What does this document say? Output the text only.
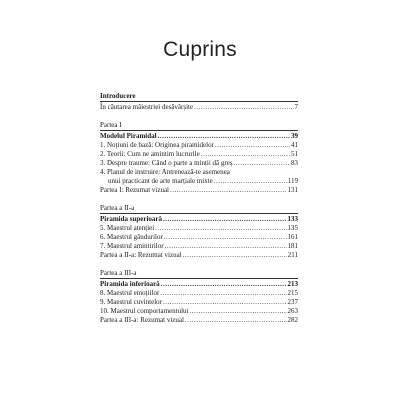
Cuprins
Introducere
În căutarea măiestriei desăvârșite .....	7
Partea I
Modelul Piramidal .....	39
1. Noțiuni de bază: Originea piramidelor .....	41
2. Teorii: Cum ne amintim lucrurile .....	51
3. Despre traume: Când o parte a minții dă greș .....	83
4. Planul de instruire: Antrenează-te asemenea
unui practicant de arte marțiale mixte .....	119
Partea I: Rezumat vizual .....	131
Partea a II-a
Piramida superioară .....	133
5. Maestrul atenției .....	135
6. Maestrul gândurilor .....	161
7. Maestrul amintirilor .....	181
Partea a II-a: Rezumat vizual .....	211
Partea a III-a
Piramida inferioară .....	213
8. Maestrul emoțiilor .....	215
9. Maestrul cuvintelor .....	237
10. Maestrul comportamentului .....	263
Partea a III-a: Rezumat vizual .....	282
